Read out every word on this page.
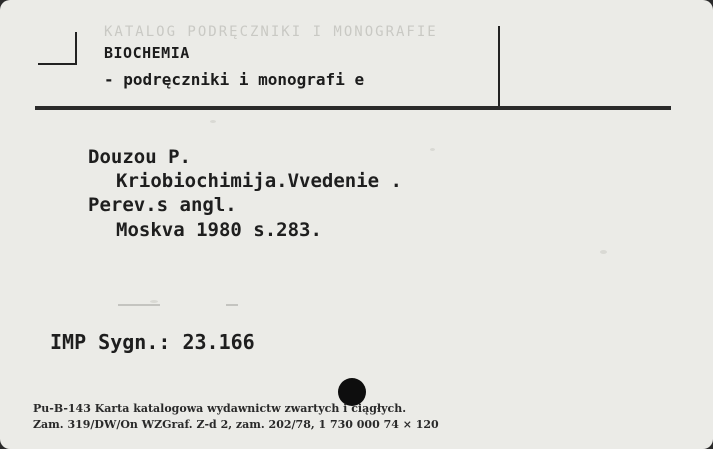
KATALOG PODRĘCZNIKI I MONOGRAFIE
BIOCHEMIA
- podręczniki i monografi e
Douzou P.
Kriobiochimija.Vvedenie .
Perev.s angl.
Moskva 1980 s.283.
IMP Sygn.: 23.166
Pu-B-143 Karta katalogowa wydawnictw zwartych i ciągłych.
Zam. 319/DW/On WZGraf. Z-d 2, zam. 202/78, 1 730 000 74 × 120
